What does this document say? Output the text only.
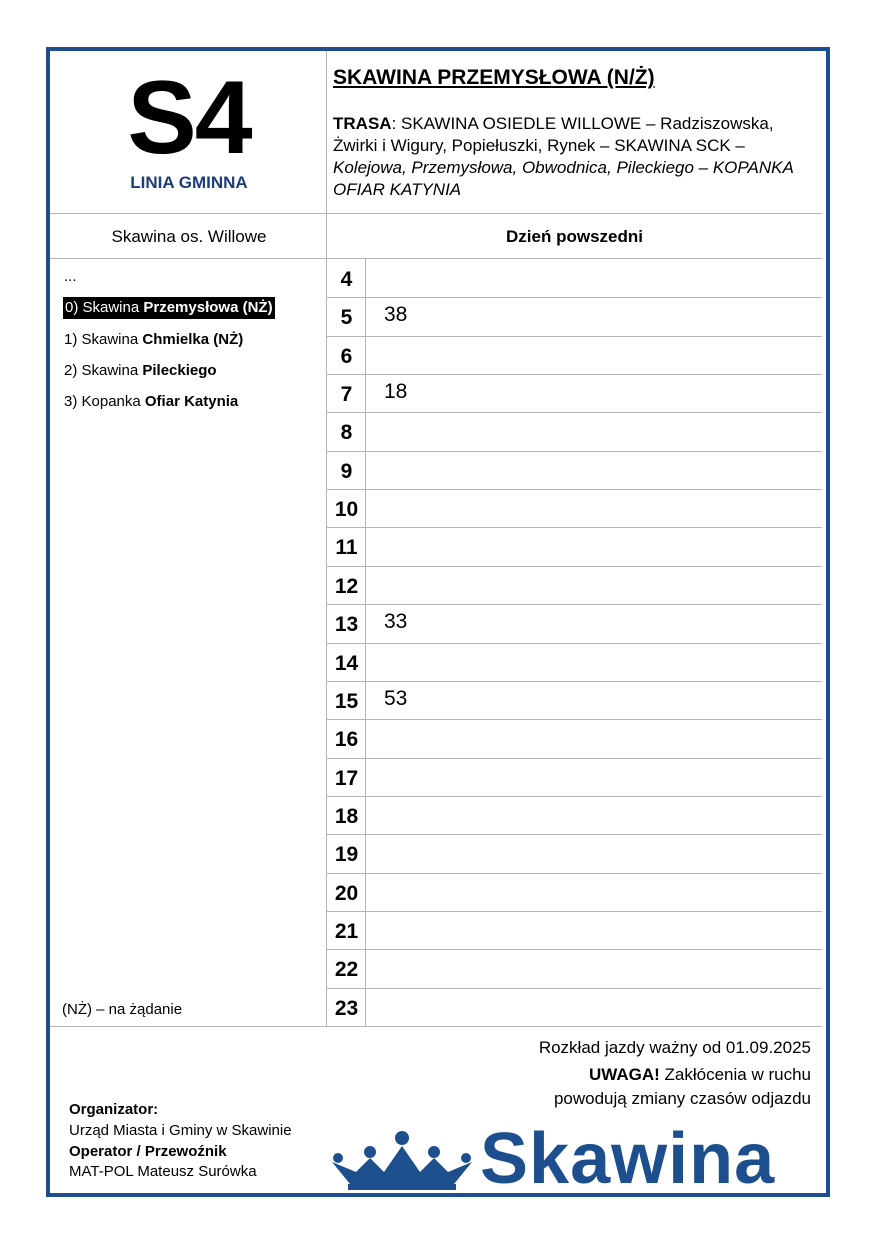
S4
LINIA GMINNA
SKAWINA PRZEMYSŁOWA (N/Ż)
TRASA: SKAWINA OSIEDLE WILLOWE – Radziszowska, Żwirki i Wigury, Popiełuszki, Rynek – SKAWINA SCK – Kolejowa, Przemysłowa, Obwodnica, Pileckiego – KOPANKA OFIAR KATYNIA
Skawina os. Willowe	Dzień powszedni
...
0) Skawina Przemysłowa (NŻ)
1) Skawina Chmielka (NŻ)
2) Skawina Pileckiego
3) Kopanka Ofiar Katynia
(NŻ) – na żądanie
4
5	38
6
7	18
8
9
10
11
12
13	33
14
15	53
16
17
18
19
20
21
22
23
Rozkład jazdy ważny od 01.09.2025
UWAGA! Zakłócenia w ruchu
powodują zmiany czasów odjazdu
Organizator:
Urząd Miasta i Gminy w Skawinie
Operator / Przewoźnik
MAT-POL Mateusz Surówka	Skawina
